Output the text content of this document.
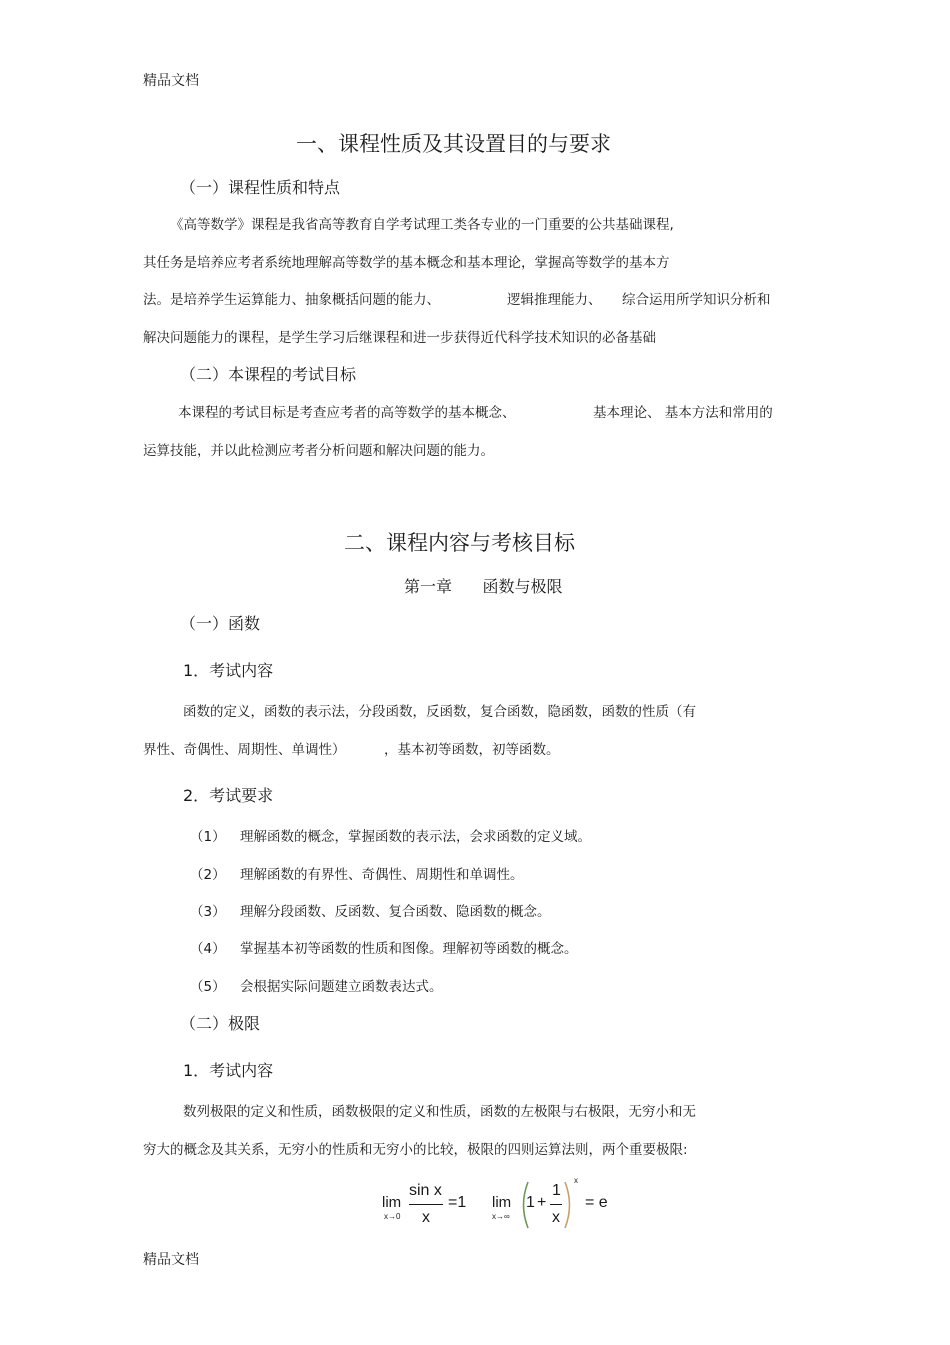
精品文档
一、课程性质及其设置目的与要求
（一）课程性质和特点
《高等数学》课程是我省高等教育自学考试理工类各专业的一门重要的公共基础课程,
其任务是培养应考者系统地理解高等数学的基本概念和基本理论，掌握高等数学的基本方
法。是培养学生运算能力、抽象概括问题的能力、	逻辑推理能力、 综合运用所学知识分析和
解决问题能力的课程，是学生学习后继课程和进一步获得近代科学技术知识的必备基础
（二）本课程的考试目标
本课程的考试目标是考查应考者的高等数学的基本概念、	基本理论、 基本方法和常用的
运算技能，并以此检测应考者分析问题和解决问题的能力。
二、课程内容与考核目标
第一章      函数与极限
（一）函数
1．考试内容
函数的定义，函数的表示法，分段函数，反函数，复合函数，隐函数，函数的性质（有
界性、奇偶性、周期性、单调性）	，基本初等函数，初等函数。
2．考试要求
（1） 理解函数的概念，掌握函数的表示法，会求函数的定义域。
（2） 理解函数的有界性、奇偶性、周期性和单调性。
（3） 理解分段函数、反函数、复合函数、隐函数的概念。
（4） 掌握基本初等函数的性质和图像。理解初等函数的概念。
（5） 会根据实际问题建立函数表达式。
（二）极限
1．考试内容
数列极限的定义和性质，函数极限的定义和性质，函数的左极限与右极限，无穷小和无
穷大的概念及其关系，无穷小的性质和无穷小的比较，极限的四则运算法则，两个重要极限:
lim
x→0
sin x
x
=1 lim
x→∞
1 +
1
x
x
= e
精品文档
